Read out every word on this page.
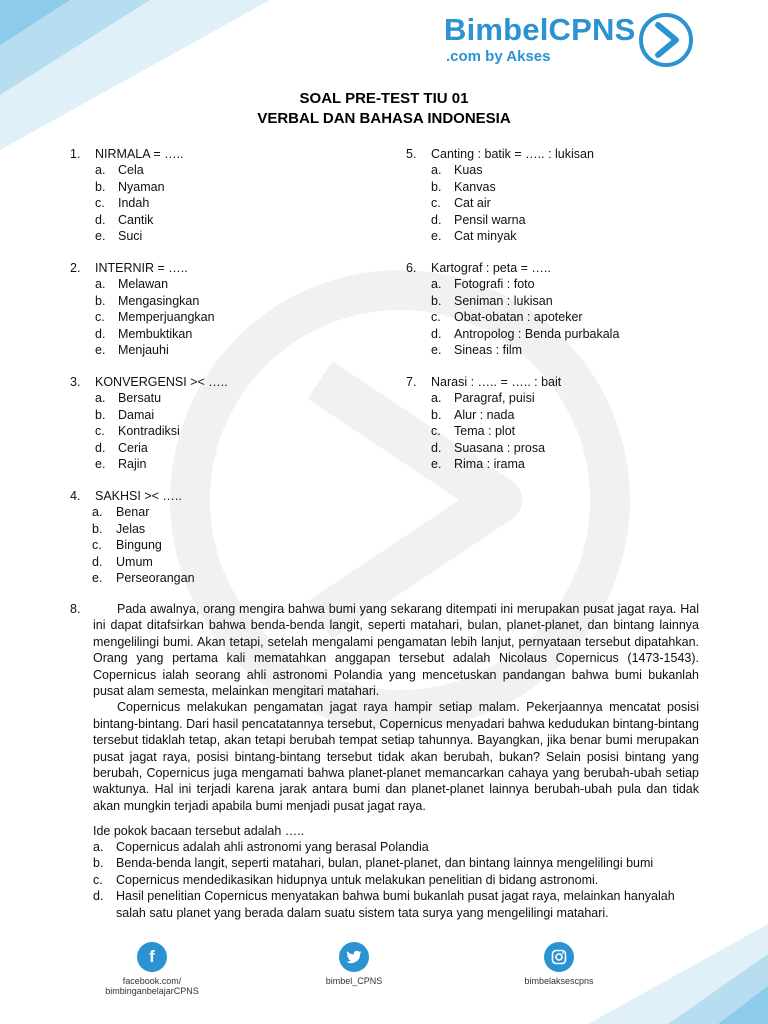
BimbelCPNS
.com by Akses
SOAL PRE-TEST TIU 01
VERBAL DAN BAHASA INDONESIA
1. NIRMALA = …..
a. Cela
b. Nyaman
c. Indah
d. Cantik
e. Suci
2. INTERNIR = …..
a. Melawan
b. Mengasingkan
c. Memperjuangkan
d. Membuktikan
e. Menjauhi
3. KONVERGENSI >< …..
a. Bersatu
b. Damai
c. Kontradiksi
d. Ceria
e. Rajin
4. SAKHSI >< …..
a. Benar
b. Jelas
c. Bingung
d. Umum
e. Perseorangan
5. Canting : batik = ….. : lukisan
a. Kuas
b. Kanvas
c. Cat air
d. Pensil warna
e. Cat minyak
6. Kartograf : peta = …..
a. Fotografi : foto
b. Seniman : lukisan
c. Obat-obatan : apoteker
d. Antropolog : Benda purbakala
e. Sineas : film
7. Narasi : ….. = ….. : bait
a. Paragraf, puisi
b. Alur : nada
c. Tema : plot
d. Suasana : prosa
e. Rima : irama
8.	Pada awalnya, orang mengira bahwa bumi yang sekarang ditempati ini merupakan pusat jagat raya. Hal ini dapat ditafsirkan bahwa benda-benda langit, seperti matahari, bulan, planet-planet, dan bintang lainnya mengelilingi bumi. Akan tetapi, setelah mengalami pengamatan lebih lanjut, pernyataan tersebut dipatahkan. Orang yang pertama kali mematahkan anggapan tersebut adalah Nicolaus Copernicus (1473-1543). Copernicus ialah seorang ahli astronomi Polandia yang mencetuskan pandangan bahwa bumi bukanlah pusat alam semesta, melainkan mengitari matahari.

Copernicus melakukan pengamatan jagat raya hampir setiap malam. Pekerjaannya mencatat posisi bintang-bintang. Dari hasil pencatatannya tersebut, Copernicus menyadari bahwa kedudukan bintang-bintang tersebut tidaklah tetap, akan tetapi berubah tempat setiap tahunnya. Bayangkan, jika benar bumi merupakan pusat jagat raya, posisi bintang-bintang tersebut tidak akan berubah, bukan? Selain posisi bintang yang berubah, Copernicus juga mengamati bahwa planet-planet memancarkan cahaya yang berubah-ubah setiap waktunya. Hal ini terjadi karena jarak antara bumi dan planet-planet lainnya berubah-ubah pula dan tidak akan mungkin terjadi apabila bumi menjadi pusat jagat raya.

Ide pokok bacaan tersebut adalah …..
a. Copernicus adalah ahli astronomi yang berasal Polandia
b. Benda-benda langit, seperti matahari, bulan, planet-planet, dan bintang lainnya mengelilingi bumi
c. Copernicus mendedikasikan hidupnya untuk melakukan penelitian di bidang astronomi.
d. Hasil penelitian Copernicus menyatakan bahwa bumi bukanlah pusat jagat raya, melainkan hanyalah salah satu planet yang berada dalam suatu sistem tata surya yang mengelilingi matahari.
f
facebook.com/
bimbinganbelajarCPNS
bimbel_CPNS	bimbelaksescpns
